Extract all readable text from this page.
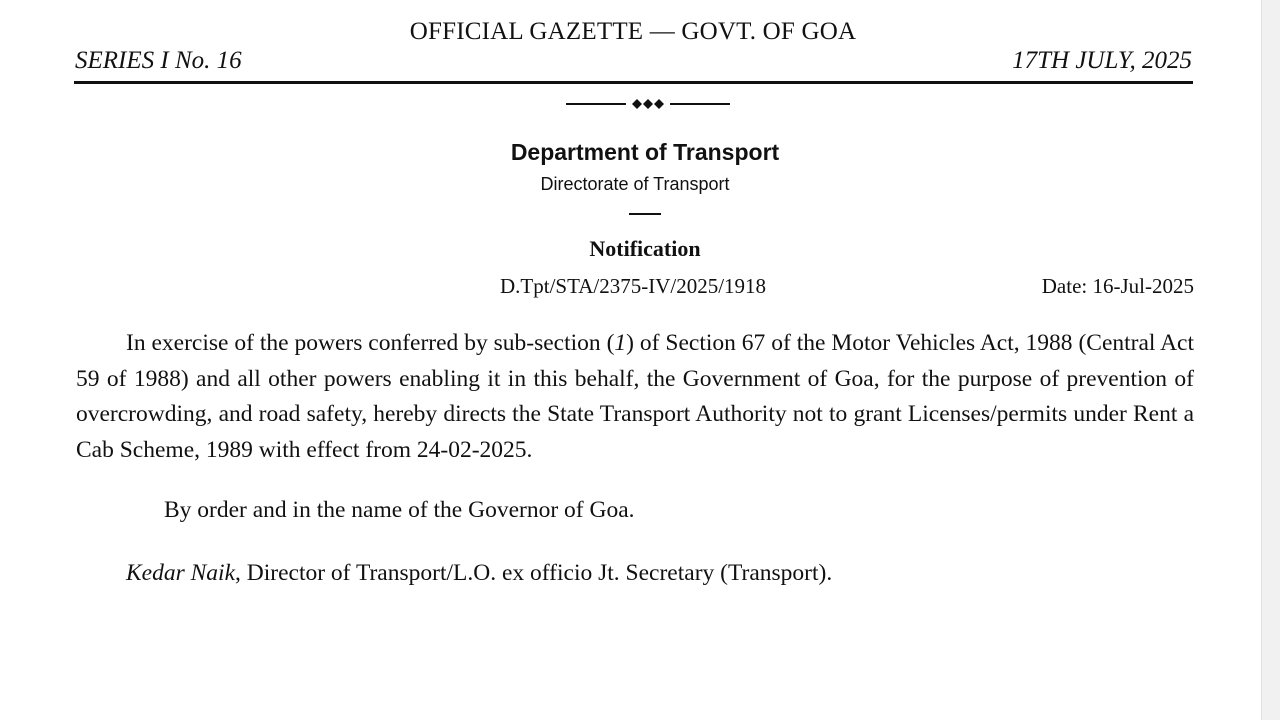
OFFICIAL GAZETTE — GOVT. OF GOA
SERIES I No. 16	17TH JULY, 2025
Department of Transport
Directorate of Transport
Notification
D.Tpt/STA/2375-IV/2025/1918	Date: 16-Jul-2025

In exercise of the powers conferred by sub-section (1) of Section 67 of the Motor Vehicles Act, 1988 (Central Act 59 of 1988) and all other powers enabling it in this behalf, the Government of Goa, for the purpose of prevention of overcrowding, and road safety, hereby directs the State Transport Authority not to grant Licenses/permits under Rent a Cab Scheme, 1989 with effect from 24-02-2025.

By order and in the name of the Governor of Goa.
Kedar Naik, Director of Transport/L.O. ex officio Jt. Secretary (Transport).
